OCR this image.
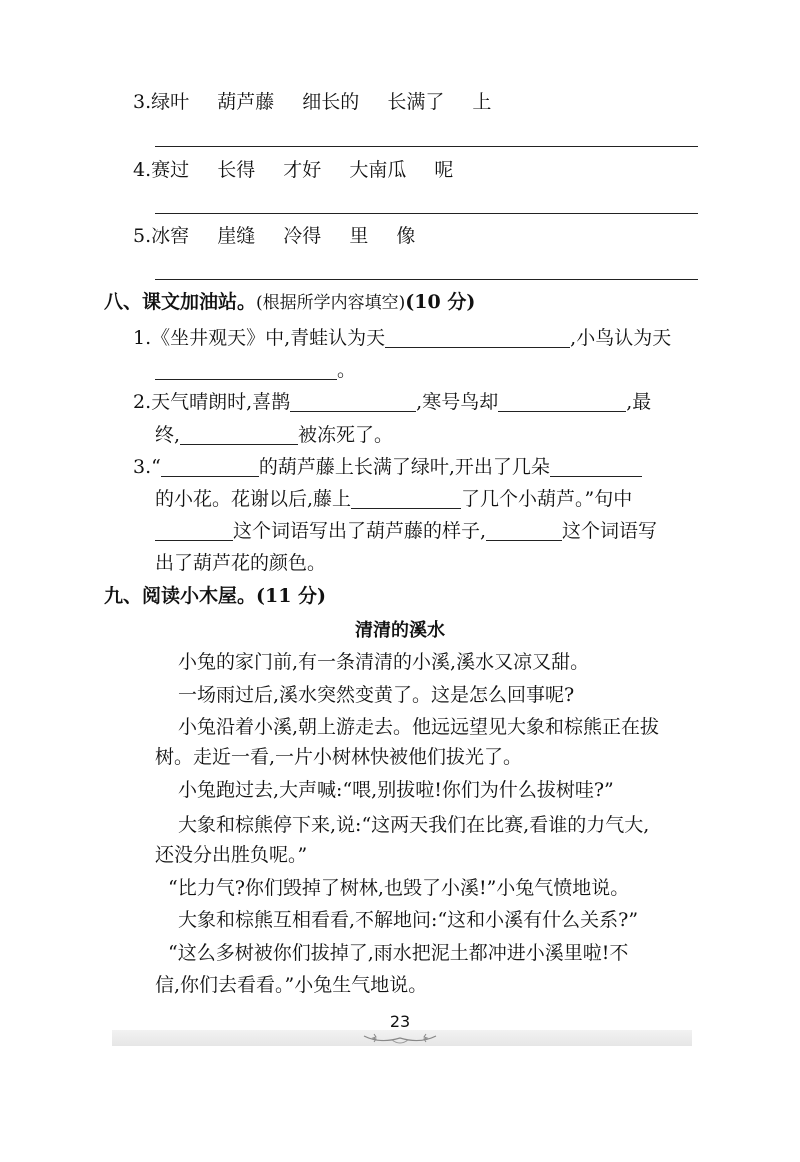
3.绿叶 葫芦藤 细长的 长满了 上
4.赛过 长得 才好 大南瓜 呢
5.冰窖 崖缝 冷得 里 像
八、课文加油站。(根据所学内容填空)(10 分)
1.《坐井观天》中,青蛙认为天	,小鸟认为天
。
2.天气晴朗时,喜鹊	,寒号鸟却	,最
终,	被冻死了。
3.“	的葫芦藤上长满了绿叶,开出了几朵
的小花。花谢以后,藤上	了几个小葫芦。”句中
这个词语写出了葫芦藤的样子,	这个词语写
出了葫芦花的颜色。
九、阅读小木屋。(11 分)
清清的溪水
小兔的家门前,有一条清清的小溪,溪水又凉又甜。
一场雨过后,溪水突然变黄了。这是怎么回事呢?
小兔沿着小溪,朝上游走去。他远远望见大象和棕熊正在拔
树。走近一看,一片小树林快被他们拔光了。
小兔跑过去,大声喊:“喂,别拔啦!你们为什么拔树哇?”
大象和棕熊停下来,说:“这两天我们在比赛,看谁的力气大,
还没分出胜负呢。”
“比力气?你们毁掉了树林,也毁了小溪!”小兔气愤地说。
大象和棕熊互相看看,不解地问:“这和小溪有什么关系?”
“这么多树被你们拔掉了,雨水把泥土都冲进小溪里啦!不
信,你们去看看。”小兔生气地说。
23
